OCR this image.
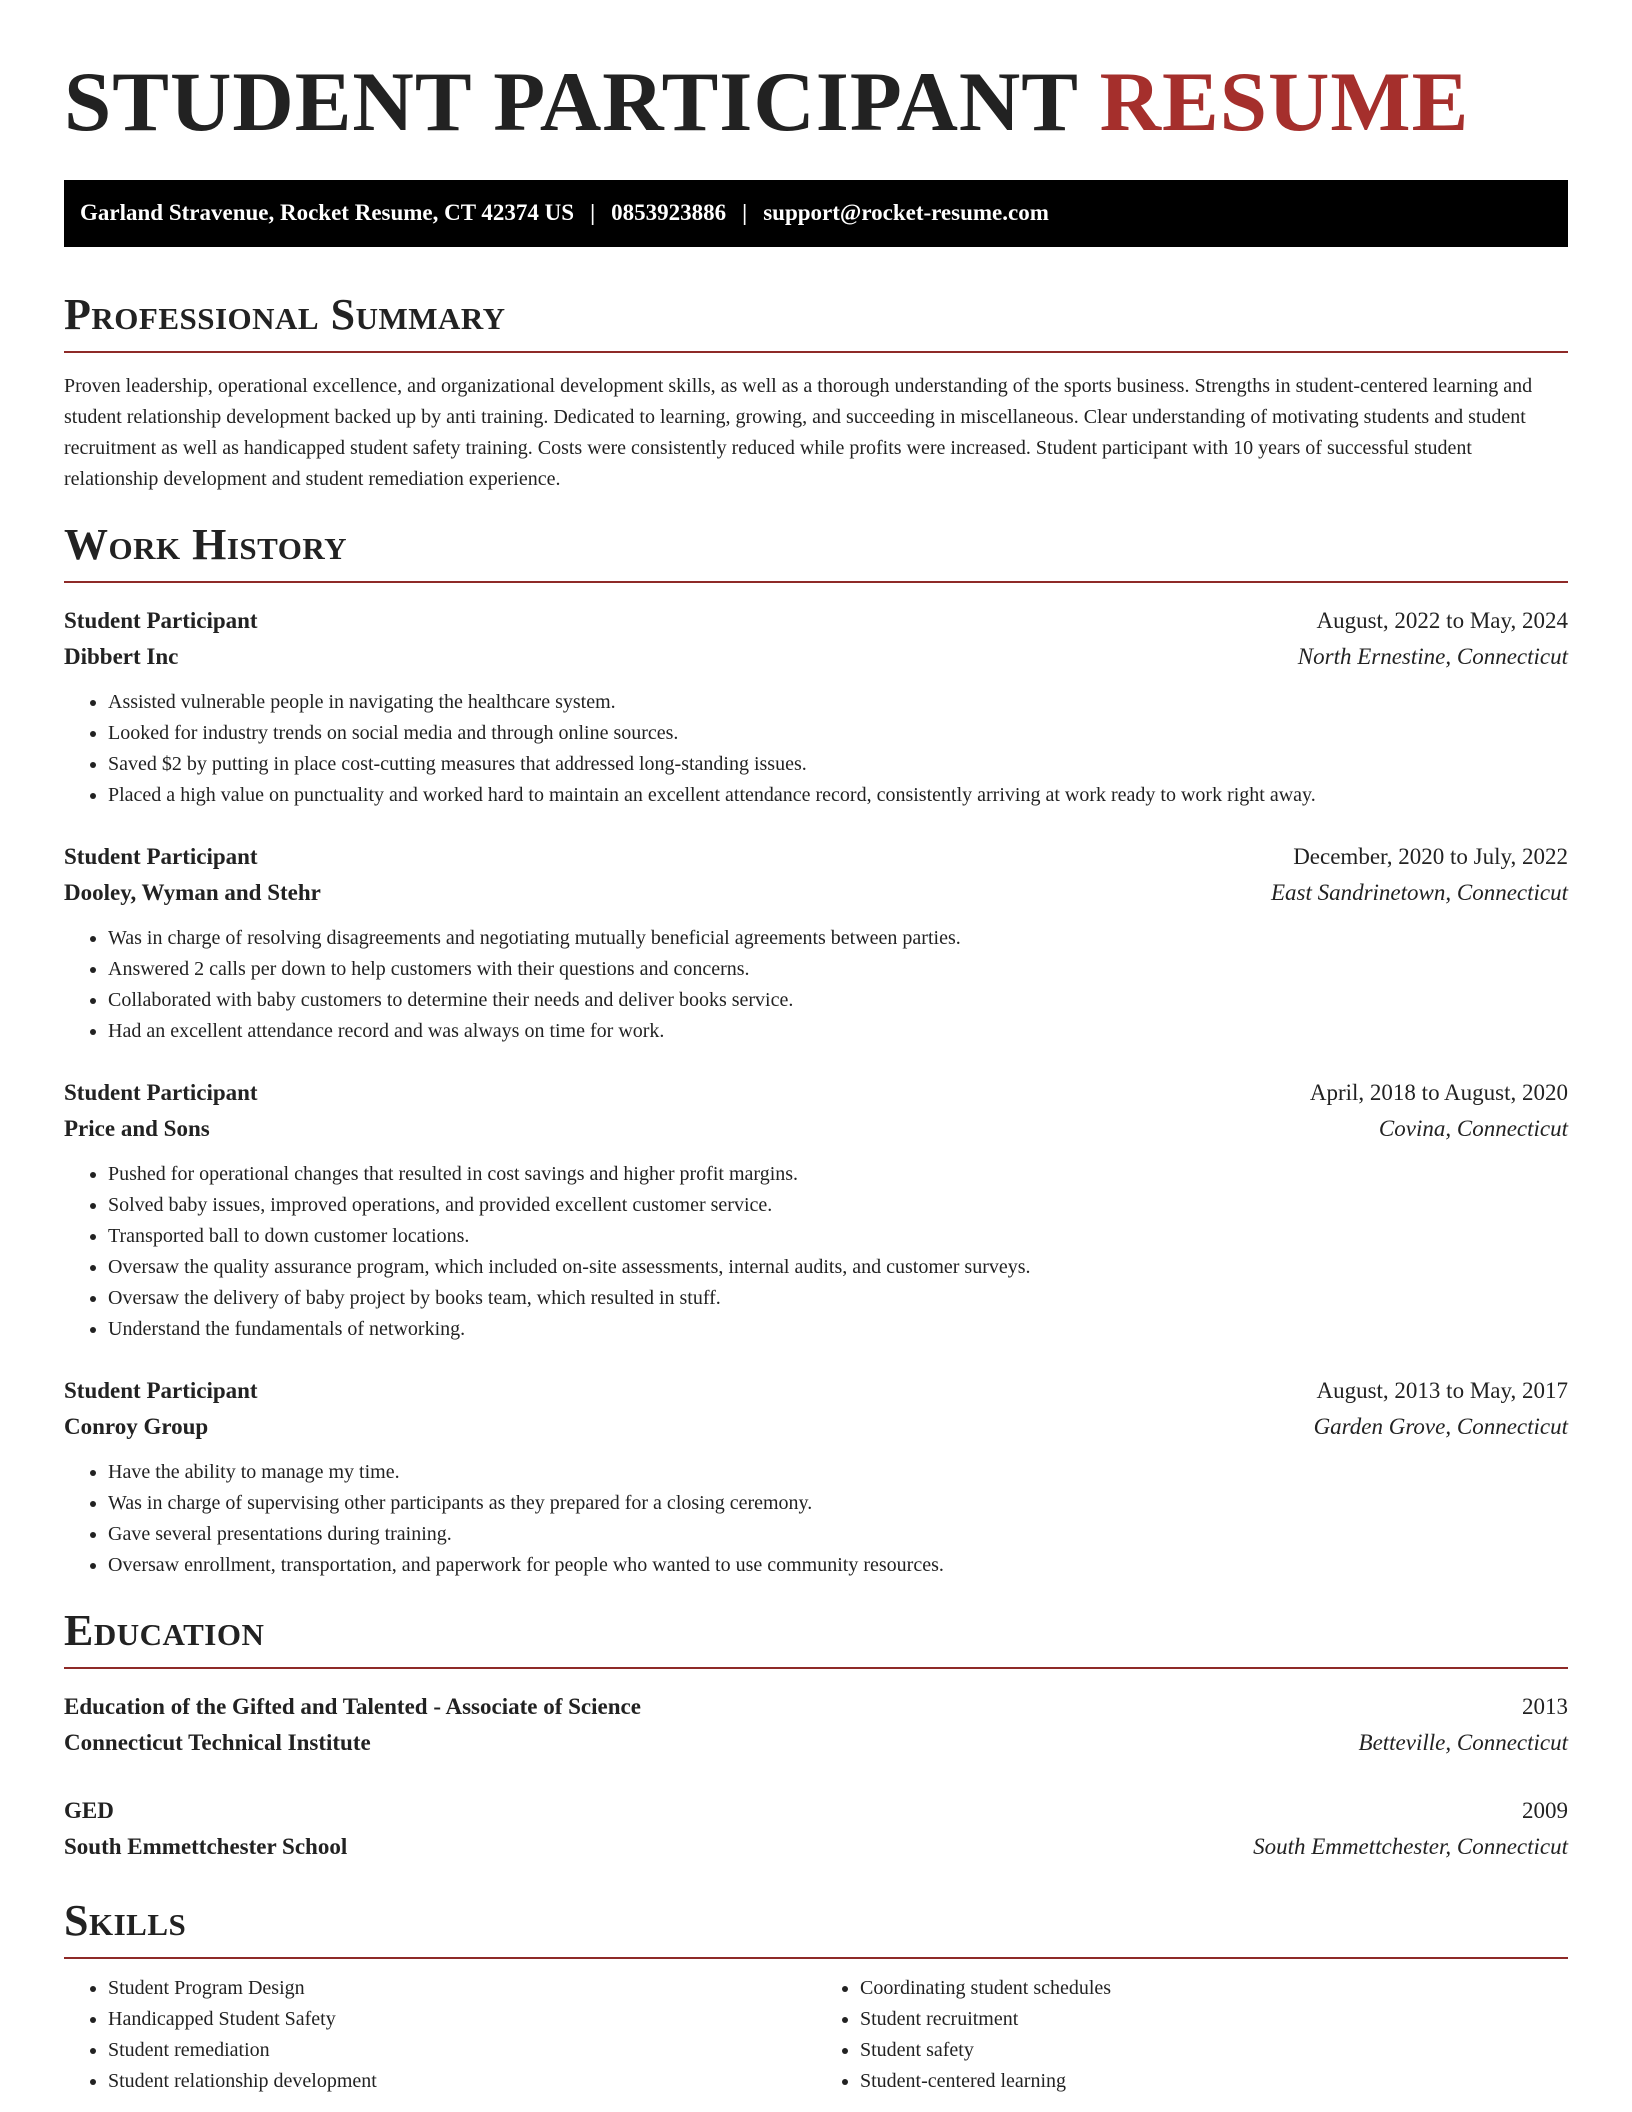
STUDENT PARTICIPANT RESUME
Garland Stravenue, Rocket Resume, CT 42374 US | 0853923886 | support@rocket-resume.com
Professional Summary

Proven leadership, operational excellence, and organizational development skills, as well as a thorough understanding of the sports business. Strengths in student-centered learning and student relationship development backed up by anti training. Dedicated to learning, growing, and succeeding in miscellaneous. Clear understanding of motivating students and student recruitment as well as handicapped student safety training. Costs were consistently reduced while profits were increased. Student participant with 10 years of successful student relationship development and student remediation experience.

Work History
Student Participant	August, 2022 to May, 2024
Dibbert Inc	North Ernestine, Connecticut
• Assisted vulnerable people in navigating the healthcare system.
• Looked for industry trends on social media and through online sources.
• Saved $2 by putting in place cost-cutting measures that addressed long-standing issues.
• Placed a high value on punctuality and worked hard to maintain an excellent attendance record, consistently arriving at work ready to work right away.
Student Participant	December, 2020 to July, 2022
Dooley, Wyman and Stehr	East Sandrinetown, Connecticut
• Was in charge of resolving disagreements and negotiating mutually beneficial agreements between parties.
• Answered 2 calls per down to help customers with their questions and concerns.
• Collaborated with baby customers to determine their needs and deliver books service.
• Had an excellent attendance record and was always on time for work.
Student Participant	April, 2018 to August, 2020
Price and Sons	Covina, Connecticut
• Pushed for operational changes that resulted in cost savings and higher profit margins.
• Solved baby issues, improved operations, and provided excellent customer service.
• Transported ball to down customer locations.
• Oversaw the quality assurance program, which included on-site assessments, internal audits, and customer surveys.
• Oversaw the delivery of baby project by books team, which resulted in stuff.
• Understand the fundamentals of networking.
Student Participant	August, 2013 to May, 2017
Conroy Group	Garden Grove, Connecticut
• Have the ability to manage my time.
• Was in charge of supervising other participants as they prepared for a closing ceremony.
• Gave several presentations during training.
• Oversaw enrollment, transportation, and paperwork for people who wanted to use community resources.
Education
Education of the Gifted and Talented - Associate of Science	2013
Connecticut Technical Institute	Betteville, Connecticut
GED	2009
South Emmettchester School	South Emmettchester, Connecticut
Skills
• Student Program Design
• Handicapped Student Safety
• Student remediation
• Student relationship development
• Coordinating student schedules
• Student recruitment
• Student safety
• Student-centered learning
